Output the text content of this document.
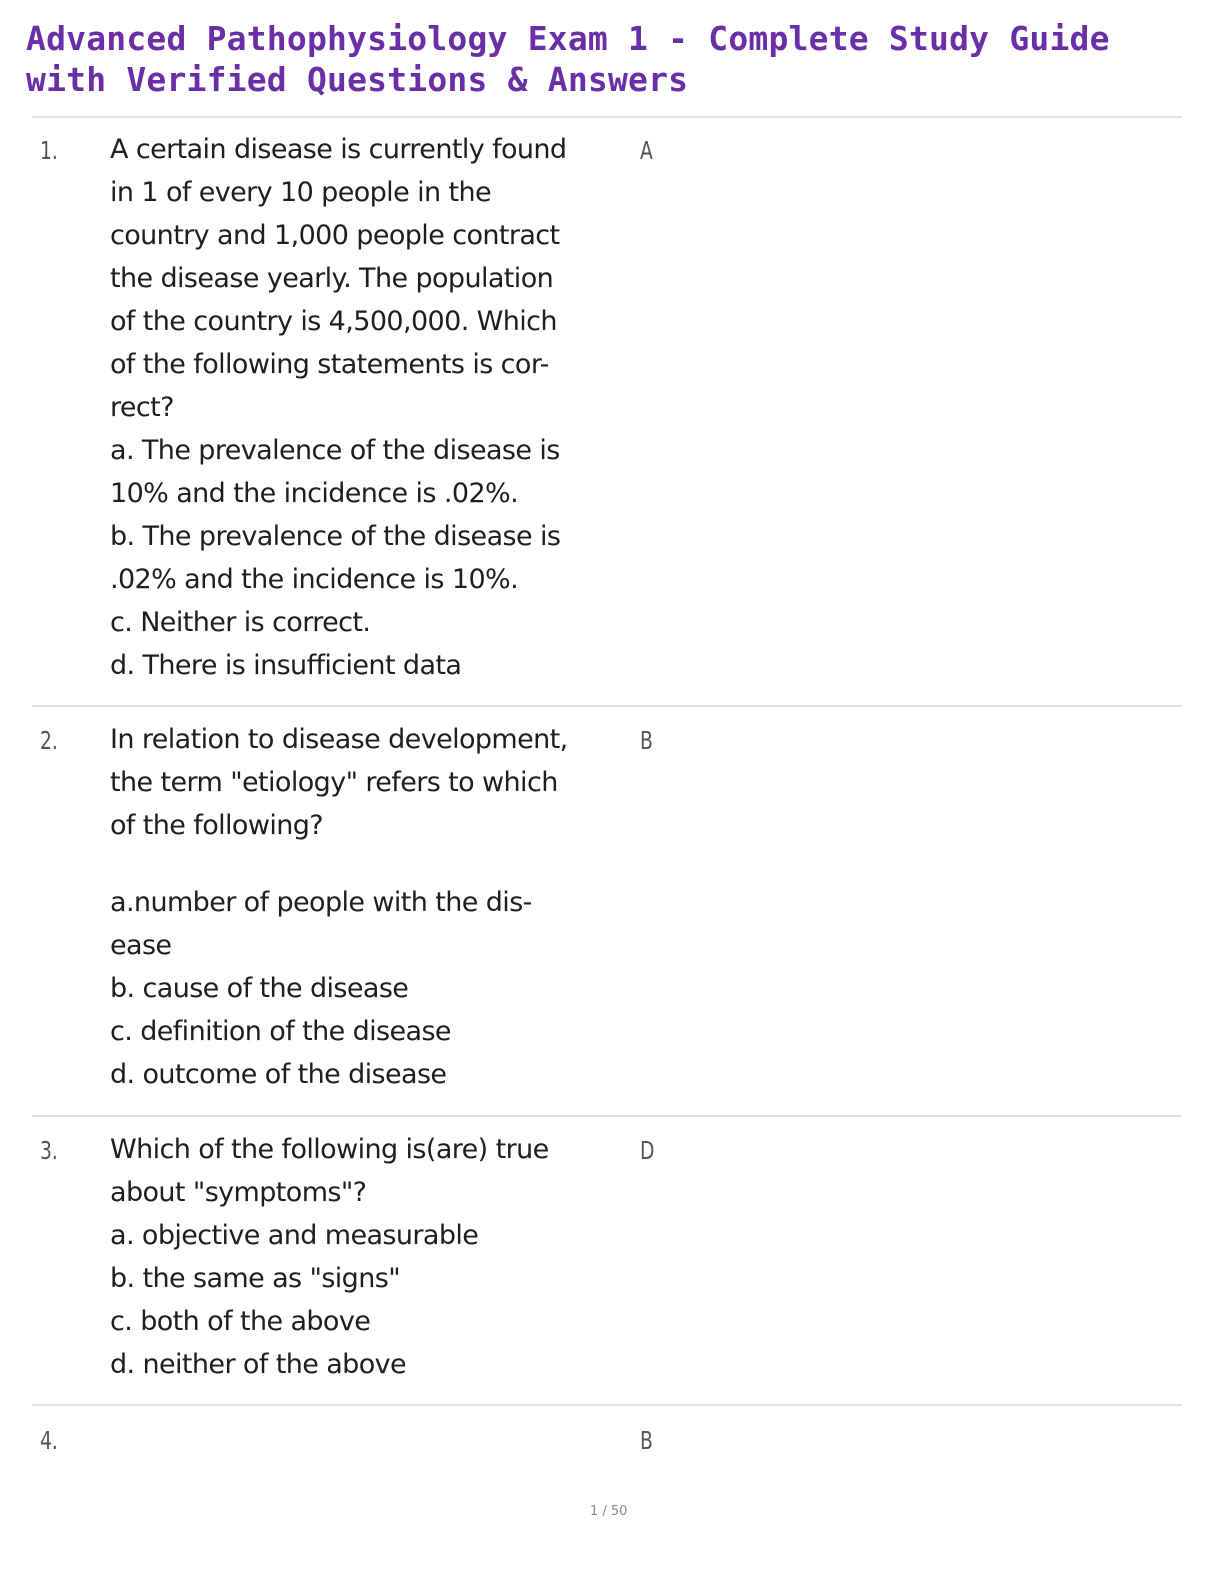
Advanced Pathophysiology Exam 1 - Complete Study Guide
with Verified Questions & Answers
1. A certain disease is currently found
in 1 of every 10 people in the
country and 1,000 people contract
the disease yearly. The population
of the country is 4,500,000. Which
of the following statements is cor-
rect?
a. The prevalence of the disease is
10% and the incidence is .02%.
b. The prevalence of the disease is
.02% and the incidence is 10%.
c. Neither is correct.
d. There is insufficient data
A
2. In relation to disease development,
the term "etiology" refers to which
of the following?
a.number of people with the dis-
ease
b. cause of the disease
c. definition of the disease
d. outcome of the disease
B
3. Which of the following is(are) true
about "symptoms"?
a. objective and measurable
b. the same as "signs"
c. both of the above
d. neither of the above
D
4.	B
1 / 50
